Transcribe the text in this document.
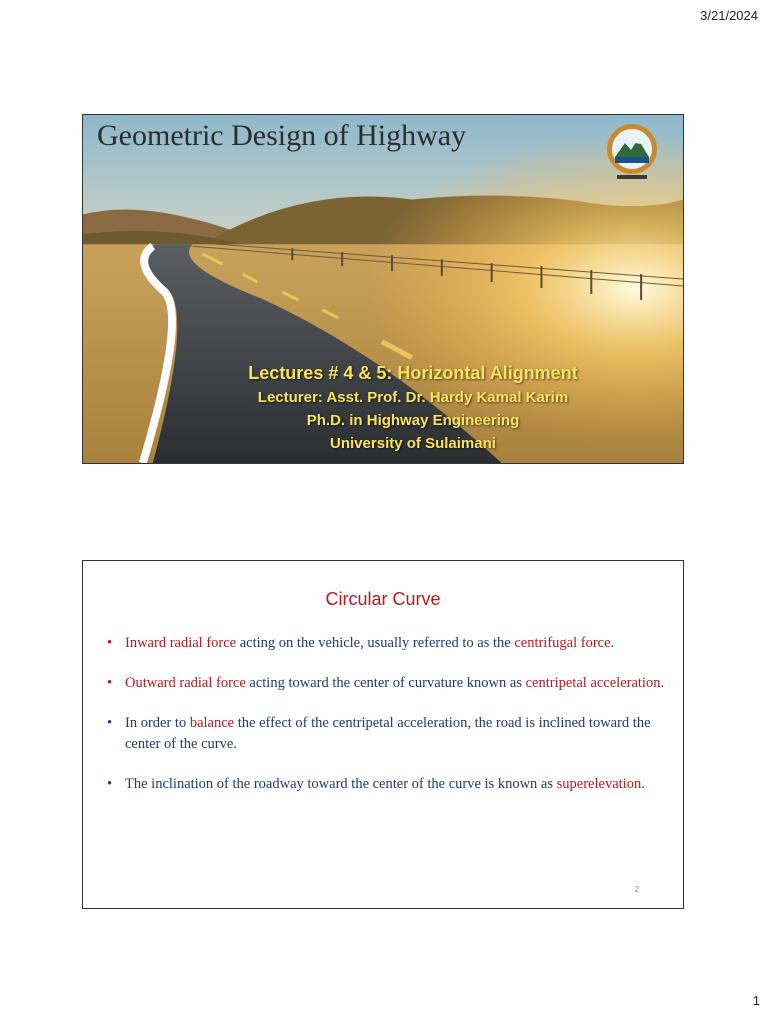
3/21/2024
Geometric Design of Highway
Lectures # 4 & 5: Horizontal Alignment
Lecturer: Asst. Prof. Dr. Hardy Kamal Karim
Ph.D. in Highway Engineering
University of Sulaimani
Circular Curve
• Inward radial force acting on the vehicle, usually referred to as the centrifugal force.
• Outward radial force acting toward the center of curvature known as centripetal acceleration.
• In order to balance the effect of the centripetal acceleration, the road is inclined toward the center of the curve.
• The inclination of the roadway toward the center of the curve is known as superelevation.
2
1
